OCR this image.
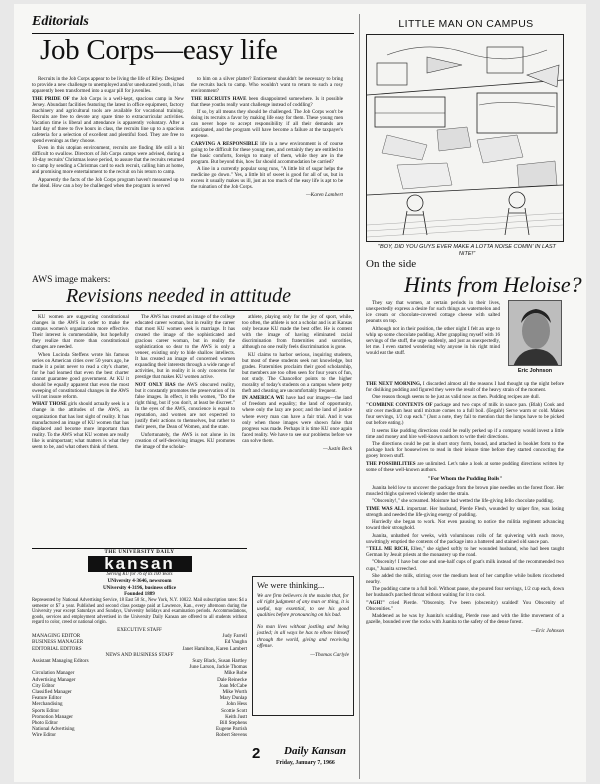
Editorials
Job Corps—easy life

Recruits in the Job Corps appear to be living the life of Riley. Designed to provide a new challenge to unemployed and/or uneducated youth, it has apparently been transformed into a sugar pill for juveniles.

THE PRIDE OF the Job Corps is a well-kept, spacious camp in New Jersey. Abundant facilities featuring the latest in office equipment, factory machinery and agricultural tools are available for vocational training. Recruits are free to devote any spare time to extracurricular activities. Vacation time is liberal and attendance is apparently voluntary. After a hard day of three to five hours in class, the recruits line up to a spacious cafeteria for a selection of excellent and plentiful food. They are free to spend evenings as they choose.

Even in this utopian environment, recruits are finding life still a bit difficult to swallow. Directors of Job Corps camps were advised, during a 10-day recruits' Christmas leave period, to assure that the recruits returned to camp by sending a Christmas card to each recruit, calling him at home, and promising more entertainment to the recruit on his return to camp.

Apparently the facts of the Job Corps program haven't measured up to the ideal. How can a boy be challenged when the program is served

to him on a silver platter? Enticement shouldn't be necessary to bring the recruits back to camp. Who wouldn't want to return to such a rosy environment?

THE RECRUITS HAVE been disappointed somewhere. Is it possible that these youths really want challenge instead of coddling?

If so, by all means they should be challenged. The Job Corps won't be doing its recruits a favor by making life easy for them. These young men can never hope to accept responsibility if all their demands are anticipated, and the program will have become a failure at the taxpayer's expense.

CARVING A RESPONSIBLE life in a new environment is of course going to be difficult for these young men, and certainly they are entitled to the basic comforts, foreign to many of them, while they are in the program. But beyond this, how far should accommodation be carried?

A line in a currently popular song runs, "A little bit of sugar helps the medicine go down." Yes, a little bit of sweet is good for all of us, but in excess it usually makes us ill, just as too much of the easy life is apt to be the ruination of the Job Corps.

—Karen Lambert
LITTLE MAN ON CAMPUS
"BOY, DID YOU GUYS EVER MAKE A LOTTA NOISE COMIN' IN LAST NITE!"
AWS image makers:
Revisions needed in attitude

KU women are suggesting constitutional changes in the AWS in order to make the campus women's organization more effective. Their interest is commendable, but hopefully they realize that more than constitutional changes are needed.

When Lucinda Steffens wrote his famous series on American cities over 50 years ago, he made it a point never to read a city's charter, for he had learned that even the best charter cannot guarantee good government. At KU it should be equally apparent that even the most sweeping of constitutional changes in the AWS will not insure reform.

WHAT THOSE girls should actually seek is a change in the attitudes of the AWS, an organization that has lost sight of reality. It has manufactured an image of KU women that has displaced and become more important than reality. To the AWS what KU women are really like is unimportant; what matters is what they seem to be, and what others think of them.

The AWS has created an image of the college educated career woman, but in reality the career that most KU women seek is marriage. It has created the image of the sophisticated and gracious career woman, but in reality the sophistication so dear to the AWS is only a veneer, existing only to hide shallow intellects. It has created an image of concerned women expanding their interests through a wide range of activities, but in reality it is only concerns for prestige that makes KU women active.

NOT ONLY HAS the AWS obscured reality, but it constantly promotes the preservation of its false images. In effect, it tells women, "Do the right thing, but if you don't, at least be discreet." In the eyes of the AWS, conscience is equal to reputation, and women are not expected to justify their actions to themselves, but rather to their peers, the Dean of Women, and the state.

Unfortunately, the AWS is not alone in its creation of self-deceiving images. KU promotes the image of the scholar-

athlete, playing only for the joy of sport, while, too often, the athlete is not a scholar and is at Kansas only because KU made the best offer. He is content with the image of having eliminated racial discrimination from fraternities and sororities, although no one really feels discrimination is gone.

KU claims to harbor serious, inquiring students, but most of these students seek not knowledge, but grades. Fraternities proclaim their good scholarship, but members are too often seen for four years of fun, not study. The Chancellor points to the higher morality of today's students on a campus where petty theft and cheating are uncomfortably frequent.

IN AMERICA WE have had our images—the land of freedom and equality; the land of opportunity, where only the lazy are poor; and the land of justice where every man can have a fair trial. And it was only when those images were shown false that progress was made. Perhaps it is time KU once again faced reality. We have to see our problems before we can solve them.

—Justin Beck
THE UNIVERSITY DAILY
kansan
Serving KU for 76 of its 100 Years
UNiversity 4-3646, newsroom
UNiversity 4-3196, business office
Founded 1889
Represented by National Advertising Service, 18 East 50 St., New York, N.Y. 10022. Mail subscription rates: $4 a semester or $7 a year. Published and second class postage paid at Lawrence, Kan., every afternoon during the University year except Saturdays and Sundays, University holidays and examination periods. Accommodations, goods, services and employment advertised in the University Daily Kansan are offered to all students without regard to color, creed or national origin.
EXECUTIVE STAFF
MANAGING EDITOR	Judy Farrell
BUSINESS MANAGER	Ed Vaughn
EDITORIAL EDITORS	Janet Hamilton, Karen Lambert
NEWS AND BUSINESS STAFF
Assistant Managing Editors	Suzy Black, Susan Hartley
June Larson, Jackie Thomas
Circulation Manager	Mike Robe
Advertising Manager	Dale Reinecke
City Editor	Joan McCabe
Classified Manager	Mike Worth
Feature Editor	Mary Dunlap
Merchandising	John Hess
Sports Editor	Scottie Scott
Promotion Manager	Keith Justt
Photo Editor	Bill Stephens
National Advertising	Eugene Parrish
Wire Editor	Robert Stevens
We were thinking...
We are firm believers in the maxim that, for all right judgment of any man or thing, it is useful, nay essential, to see his good qualities before pronouncing on his bad.
No man lives without jostling and being jostled; in all ways he has to elbow himself through the world, giving and receiving offense.
—Thomas Carlyle
2 Daily Kansan
Friday, January 7, 1966
On the side
Hints from Heloise?

They say that women, at certain periods in their lives, unexpectedly express a desire for such things as watermelon and ice cream or chocolate-covered cottage cheese with salted peanuts on top.

Although not in their position, the other night I felt an urge to whip up some chocolate pudding. After grappling myself with 16 servings of the stuff, the urge suddenly, and just as unexpectedly, let me. I even started wondering why anyone in his right mind would eat the stuff.

Eric Johnson

THE NEXT MORNING, I discarded almost all the reasons I had thought up the night before for disliking pudding and figured they were the result of the heavy strain of the moment.

One reason though seems to be just as valid now as then. Pudding recipes are dull.

"COMBINE CONTENTS OF package and two cups of milk in sauce pan. (Blah) Cook and stir over medium heat until mixture comes to a full boil. (Eegah!) Serve warm or cold. Makes four servings, 1/2 cup each." (Just a note, they fail to mention that the lumps have to be picked out before eating.)

It seems like pudding directions could be really perked up if a company would invest a little time and money and hire well-known authors to write their directions.

The directions could be put in short story form, bound, and attached in booklet form to the package back for housewives to read in their leisure time before they started concocting the gooey brown stuff.

THE POSSIBILITIES are unlimited. Let's take a look at some pudding directions written by some of these well-known authors.

"For Whom the Pudding Boils"

Juanita held low to uncover the package from the brown pine needles on the forest floor. Her muscled thighs quivered violently under the strain.

"Obscenity!," she screamed. Moisture had wetted the life-giving Jello chocolate pudding.

TIME WAS ALL important. Her husband, Pierde Flesh, wounded by sniper fire, was losing strength and needed the life-giving energy of pudding.

Hurriedly she began to work. Not even pausing to notice the militia regiment advancing toward their stronghold.

Juanita, unbathed for weeks, with voluminous rolls of fat quivering with each move, unwittingly emptied the contents of the package into a battered and stained old sauce pan.

"TELL ME RICH, Ellen," she sighed softly to her wounded husband, who had been taught German by Jesuit priests at the monastery up the road.

"Obscenity! I have but one and one-half cups of goat's milk instead of the recommended two cups," Juanita screeched.

She added the milk, stirring over the medium heat of her campfire while bullets ricocheted nearby.

The pudding came to a full boil. Without pause, she poured four servings, 1/2 cup each, down her husband's parched throat without waiting for it to cool.

"AGH!" cried Pierde. "Obscenity. I've been (obscenity) scalded! You Obscenity of Obscenities."

Maddened as he was by Juanita's scalding, Pierde rose and with the lithe movement of a gazelle, bounded over the rocks with Juanita to the safety of the dense forest.

—Eric Johnson
